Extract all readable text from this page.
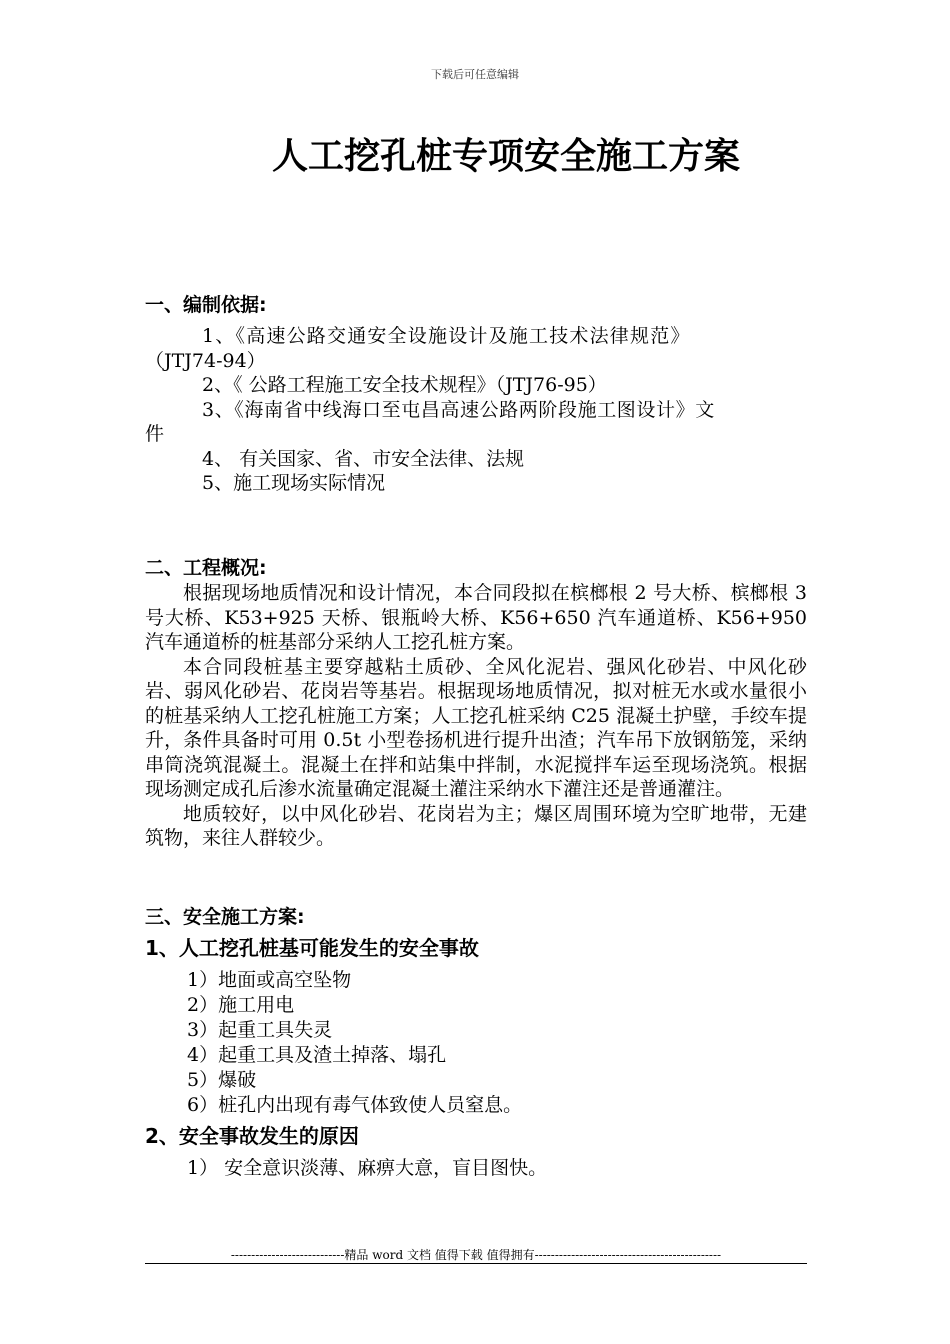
下载后可任意编辑
人工挖孔桩专项安全施工方案
一、编制依据:
1、《高速公路交通安全设施设计及施工技术法律规范》
（JTJ74-94）
2、《 公路工程施工安全技术规程》（JTJ76-95）
3、《海南省中线海口至屯昌高速公路两阶段施工图设计》文
件
4、 有关国家、省、市安全法律、法规
5、施工现场实际情况
二、工程概况:
根据现场地质情况和设计情况，本合同段拟在槟榔根 2 号大桥、槟榔根 3 号大桥、K53+925 天桥、银瓶岭大桥、K56+650 汽车通道桥、K56+950 汽车通道桥的桩基部分采纳人工挖孔桩方案。
本合同段桩基主要穿越粘土质砂、全风化泥岩、强风化砂岩、中风化砂岩、弱风化砂岩、花岗岩等基岩。根据现场地质情况，拟对桩无水或水量很小的桩基采纳人工挖孔桩施工方案；人工挖孔桩采纳 C25 混凝土护壁，手绞车提升，条件具备时可用 0.5t 小型卷扬机进行提升出渣；汽车吊下放钢筋笼，采纳串筒浇筑混凝土。混凝土在拌和站集中拌制，水泥搅拌车运至现场浇筑。根据现场测定成孔后渗水流量确定混凝土灌注采纳水下灌注还是普通灌注。
地质较好，以中风化砂岩、花岗岩为主；爆区周围环境为空旷地带，无建筑物，来往人群较少。
三、安全施工方案:
1、人工挖孔桩基可能发生的安全事故
1）地面或高空坠物
2）施工用电
3）起重工具失灵
4）起重工具及渣土掉落、塌孔
5）爆破
6）桩孔内出现有毒气体致使人员窒息。
2、安全事故发生的原因
1） 安全意识淡薄、麻痹大意，盲目图快。
----------------------------精品 word 文档 值得下载 值得拥有----------------------------------------------
